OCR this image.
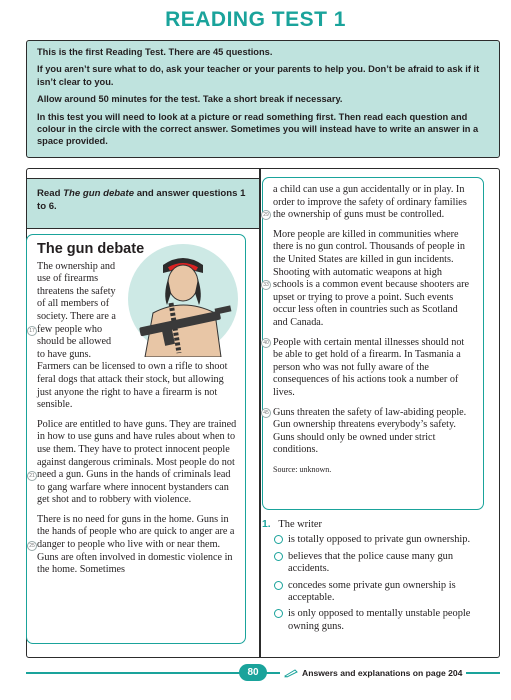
READING TEST 1

This is the first Reading Test. There are 45 questions.

If you aren’t sure what to do, ask your teacher or your parents to help you. Don’t be afraid to ask if it isn’t clear to you.

Allow around 50 minutes for the test. Take a short break if necessary.

In this test you will need to look at a picture or read something first. Then read each question and colour in the circle with the correct answer. Sometimes you will instead have to write an answer in a space provided.

Read The gun debate and answer questions 1 to 6.
The gun debate
17
The ownership and use of firearms threatens the safety of all members of society. There are a few people who should be allowed to have guns. Farmers can be licensed to own a rifle to shoot feral dogs that attack their stock, but allowing just anyone the right to have a firearm is not sensible.
21
Police are entitled to have guns. They are trained in how to use guns and have rules about when to use them. They have to protect innocent people against dangerous criminals. Most people do not need a gun. Guns in the hands of criminals lead to gang warfare where innocent bystanders can get shot and to robbery with violence.
25
There is no need for guns in the home. Guns in the hands of people who are quick to anger are a danger to people who live with or near them. Guns are often involved in domestic violence in the home. Sometimes
29
a child can use a gun accidentally or in play. In order to improve the safety of ordinary families the ownership of guns must be controlled.
33
More people are killed in communities where there is no gun control. Thousands of people in the United States are killed in gun incidents. Shooting with automatic weapons at high schools is a common event because shooters are upset or trying to prove a point. Such events occur less often in countries such as Scotland and Canada.
40 People with certain mental illnesses should not be able to get hold of a firearm. In Tasmania a person who was not fully aware of the consequences of his actions took a number of lives.
45 Guns threaten the safety of law-abiding people. Gun ownership threatens everybody’s safety. Guns should only be owned under strict conditions.
Source: unknown.
1. The writer
is totally opposed to private gun ownership.
believes that the police cause many gun accidents.
concedes some private gun ownership is acceptable.
is only opposed to mentally unstable people owning guns.
80	Answers and explanations on page 204
